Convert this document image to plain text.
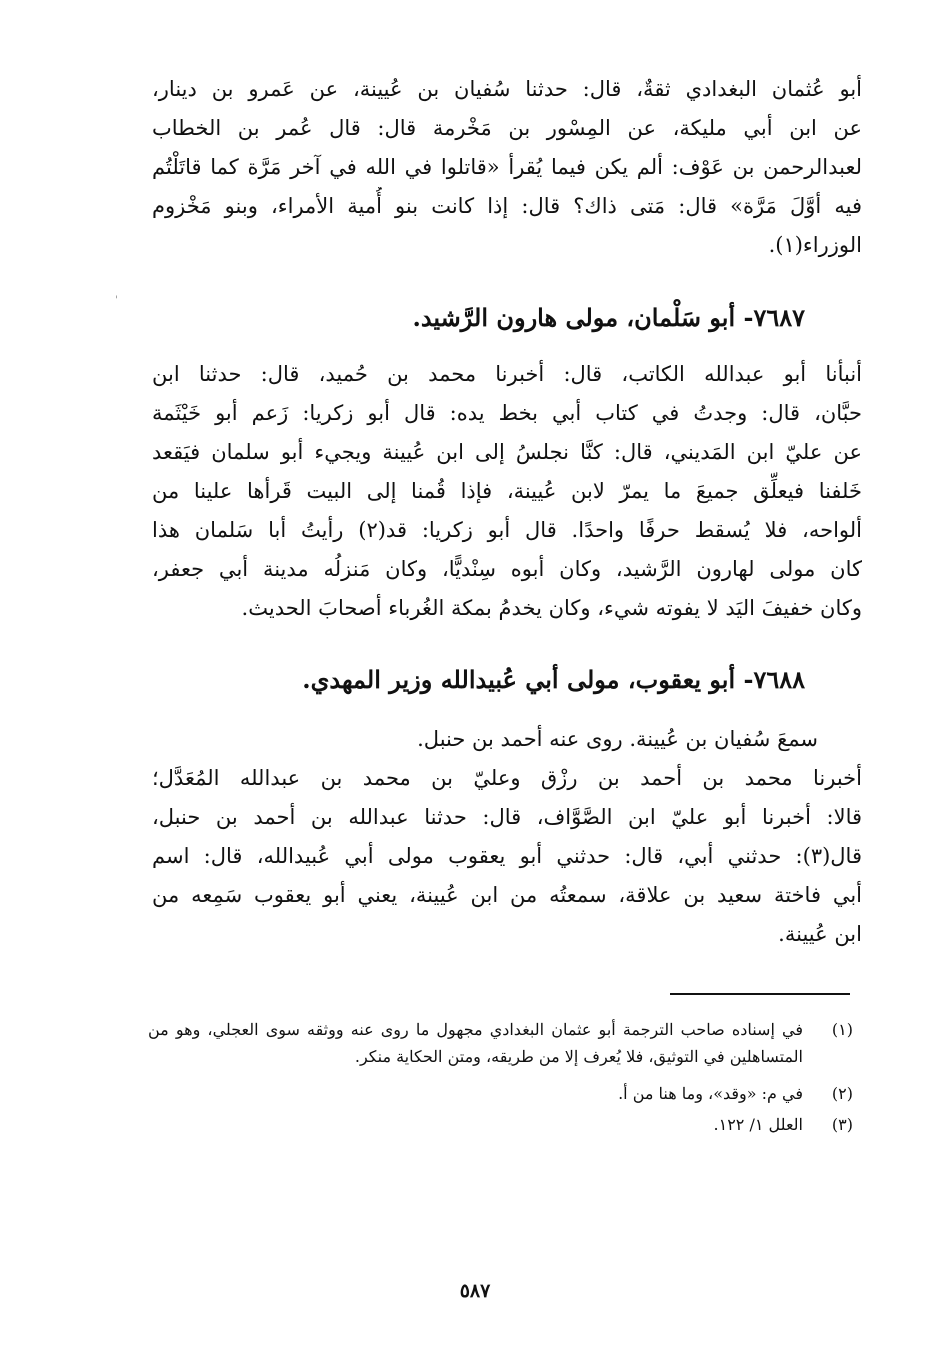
أبو عُثمان البغدادي ثقةٌ، قال: حدثنا سُفيان بن عُيينة، عن عَمرو بن دينار،
عن ابن أبي مليكة، عن المِسْور بن مَخْرمة قال: قال عُمر بن الخطاب
لعبدالرحمن بن عَوْف: ألم يكن فيما يُقرأ «قاتلوا في الله في آخر مَرَّة كما قاتَلْتُم
فيه أوَّلَ مَرَّة» قال: مَتى ذاك؟ قال: إذا كانت بنو أُمية الأمراء، وبنو مَخْزوم
الوزراء(١).
'
٧٦٨٧- أبو سَلْمان، مولى هارون الرَّشيد.
أنبأنا أبو عبدالله الكاتب، قال: أخبرنا محمد بن حُميد، قال: حدثنا ابن
حبَّان، قال: وجدتُ في كتاب أبي بخط يده: قال أبو زكريا: زَعم أبو خَيْثَمة
عن عليّ ابن المَديني، قال: كنَّا نجلسُ إلى ابن عُيينة ويجيء أبو سلمان فيَقعد
خَلفنا فيعلِّق جميعَ ما يمرّ لابن عُيينة، فإذا قُمنا إلى البيت قَرأها علينا من
ألواحه، فلا يُسقط حرفًا واحدًا. قال أبو زكريا: قد(٢) رأيتُ أبا سَلمان هذا
كان مولى لهارون الرَّشيد، وكان أبوه سِنْديًّا، وكان مَنزلُه مدينة أبي جعفر،
وكان خفيفَ اليَد لا يفوته شيء، وكان يخدمُ بمكة الغُرباء أصحابَ الحديث.
٧٦٨٨- أبو يعقوب، مولى أبي عُبيدالله وزير المهدي.
سمعَ سُفيان بن عُيينة. روى عنه أحمد بن حنبل.
أخبرنا محمد بن أحمد بن رزْق وعليّ بن محمد بن عبدالله المُعَدَّل؛
قالا: أخبرنا أبو عليّ ابن الصَّوَّاف، قال: حدثنا عبدالله بن أحمد بن حنبل،
قال(٣): حدثني أبي، قال: حدثني أبو يعقوب مولى أبي عُبيدالله، قال: اسم
أبي فاختة سعيد بن علاقة، سمعتُه من ابن عُيينة، يعني أبو يعقوب سَمِعه من
ابن عُيينة.
(١)
في إسناده صاحب الترجمة أبو عثمان البغدادي مجهول ما روى عنه ووثقه سوى العجلي، وهو من المتساهلين في التوثيق، فلا يُعرف إلا من طريقه، ومتن الحكاية منكر.
(٢)
في م: «وقد»، وما هنا من أ.
(٣)
العلل ١/ ١٢٢.
٥٨٧
